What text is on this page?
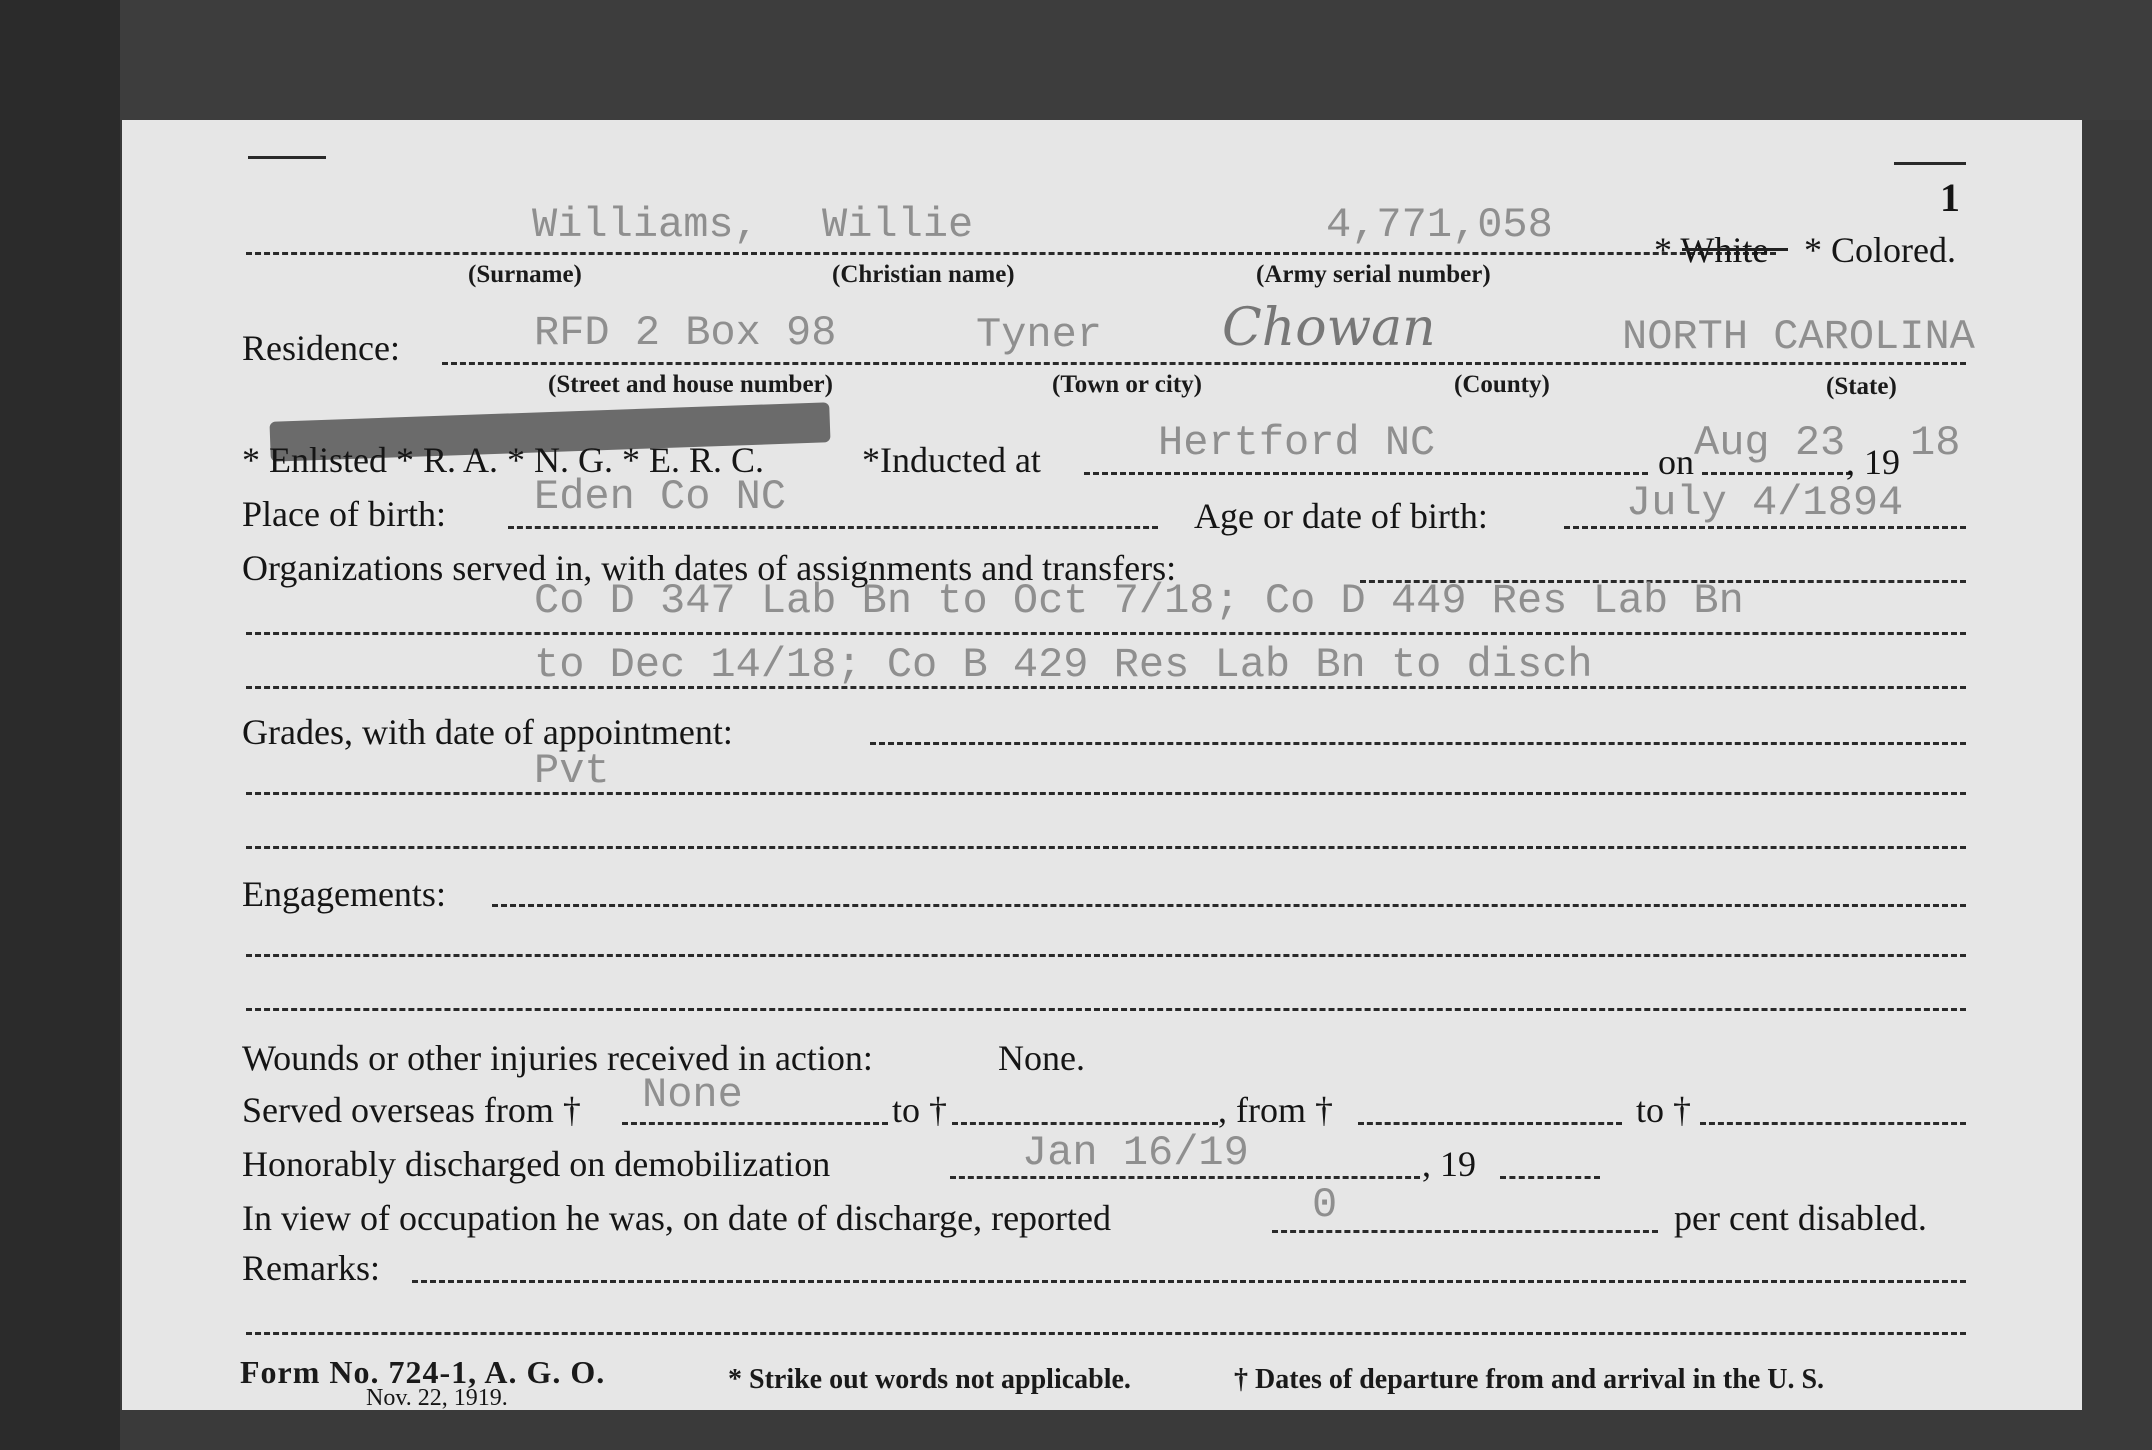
1
Williams, Willie	4,771,058
* White * Colored.
(Surname)	(Christian name)	(Army serial number)
Residence:	RFD 2 Box 98	Tyner Chowan	NORTH CAROLINA
(Street and house number)	(Town or city)	(County)	(State)
* Enlisted * R. A. * N. G. * E. R. C.	*Inducted at	Hertford NC	on Aug 23 , 19 18
Place of birth: Eden Co NC	Age or date of birth:	July 4/1894
Organizations served in, with dates of assignments and transfers:
Co D 347 Lab Bn to Oct 7/18; Co D 449 Res Lab Bn
to Dec 14/18; Co B 429 Res Lab Bn to disch
Grades, with date of appointment:
Pvt
Engagements:
Wounds or other injuries received in action:	None.
Served overseas from † None	to †	, from †	to †
Honorably discharged on demobilization	Jan 16/19	, 19
In view of occupation he was, on date of discharge, reported	0	per cent disabled.
Remarks:
Form No. 724-1, A. G. O.	* Strike out words not applicable.	† Dates of departure from and arrival in the U. S.
Nov. 22, 1919.
